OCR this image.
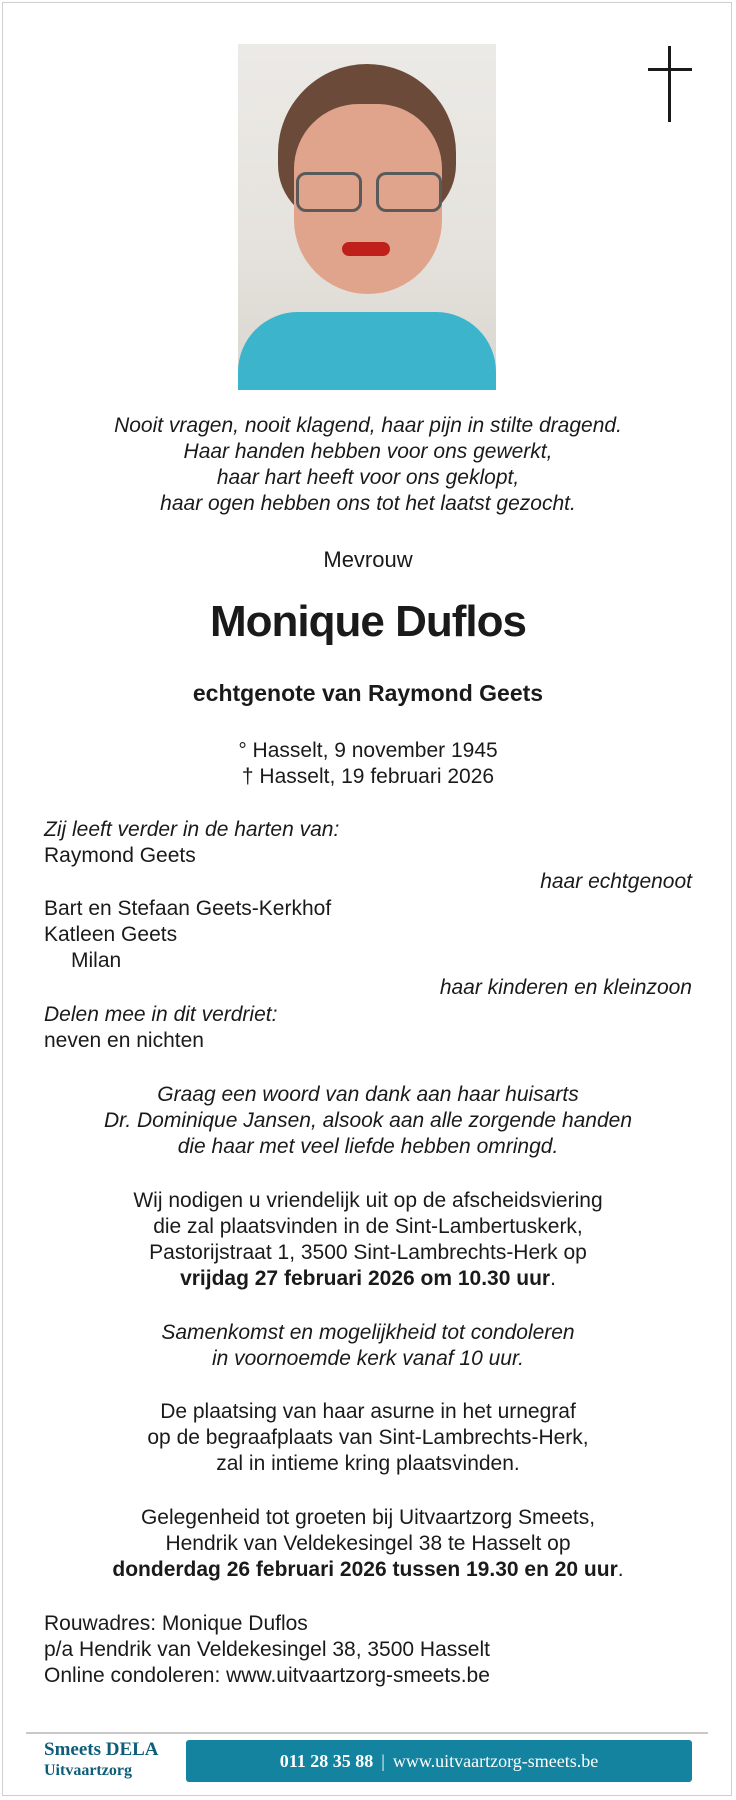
Nooit vragen, nooit klagend, haar pijn in stilte dragend.
Haar handen hebben voor ons gewerkt,
haar hart heeft voor ons geklopt,
haar ogen hebben ons tot het laatst gezocht.
Mevrouw
Monique Duflos
echtgenote van Raymond Geets
° Hasselt, 9 november 1945
† Hasselt, 19 februari 2026
Zij leeft verder in de harten van:
Raymond Geets
haar echtgenoot
Bart en Stefaan Geets-Kerkhof
Katleen Geets
Milan
haar kinderen en kleinzoon
Delen mee in dit verdriet:
neven en nichten
Graag een woord van dank aan haar huisarts
Dr. Dominique Jansen, alsook aan alle zorgende handen
die haar met veel liefde hebben omringd.
Wij nodigen u vriendelijk uit op de afscheidsviering
die zal plaatsvinden in de Sint-Lambertuskerk,
Pastorijstraat 1, 3500 Sint-Lambrechts-Herk op
vrijdag 27 februari 2026 om 10.30 uur.
Samenkomst en mogelijkheid tot condoleren
in voornoemde kerk vanaf 10 uur.
De plaatsing van haar asurne in het urnegraf
op de begraafplaats van Sint-Lambrechts-Herk,
zal in intieme kring plaatsvinden.
Gelegenheid tot groeten bij Uitvaartzorg Smeets,
Hendrik van Veldekesingel 38 te Hasselt op
donderdag 26 februari 2026 tussen 19.30 en 20 uur.
Rouwadres: Monique Duflos
p/a Hendrik van Veldekesingel 38, 3500 Hasselt
Online condoleren: www.uitvaartzorg-smeets.be
Smeets DELA
Uitvaartzorg	011 28 35 88 | www.uitvaartzorg-smeets.be
